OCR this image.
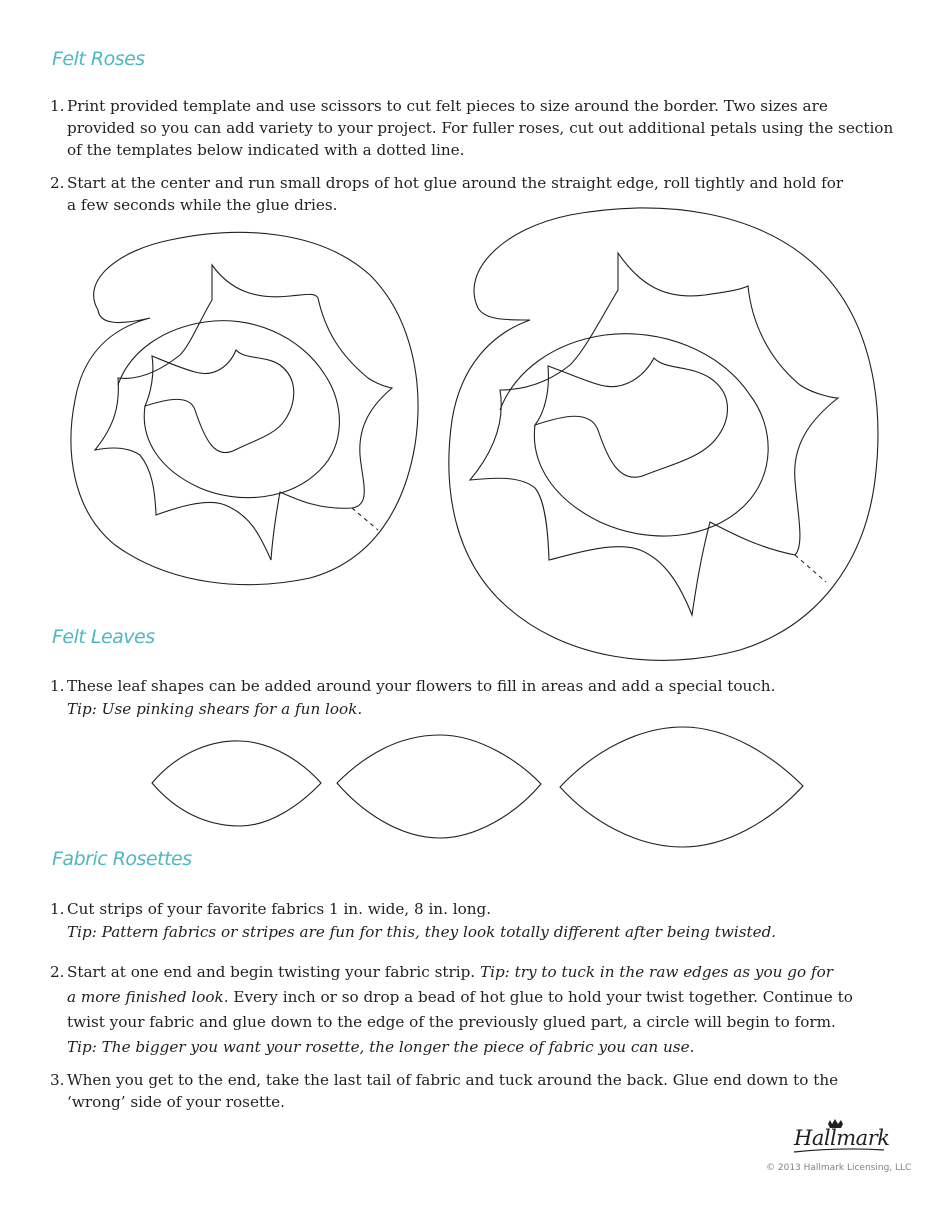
Felt Roses
1. Print provided template and use scissors to cut felt pieces to size around the border. Two sizes are provided so you can add variety to your project. For fuller roses, cut out additional petals using the section of the templates below indicated with a dotted line.
2. Start at the center and run small drops of hot glue around the straight edge, roll tightly and hold for
a few seconds while the glue dries.
Felt Leaves
1. These leaf shapes can be added around your flowers to fill in areas and add a special touch.
Tip: Use pinking shears for a fun look.
Fabric Rosettes
1. Cut strips of your favorite fabrics 1 in. wide, 8 in. long.
Tip: Pattern fabrics or stripes are fun for this, they look totally different after being twisted.
2. Start at one end and begin twisting your fabric strip. Tip: try to tuck in the raw edges as you go for
a more finished look. Every inch or so drop a bead of hot glue to hold your twist together. Continue to
twist your fabric and glue down to the edge of the previously glued part, a circle will begin to form.
Tip: The bigger you want your rosette, the longer the piece of fabric you can use.
3. When you get to the end, take the last tail of fabric and tuck around the back. Glue end down to the ‘wrong’ side of your rosette.
Hallmark
© 2013 Hallmark Licensing, LLC
